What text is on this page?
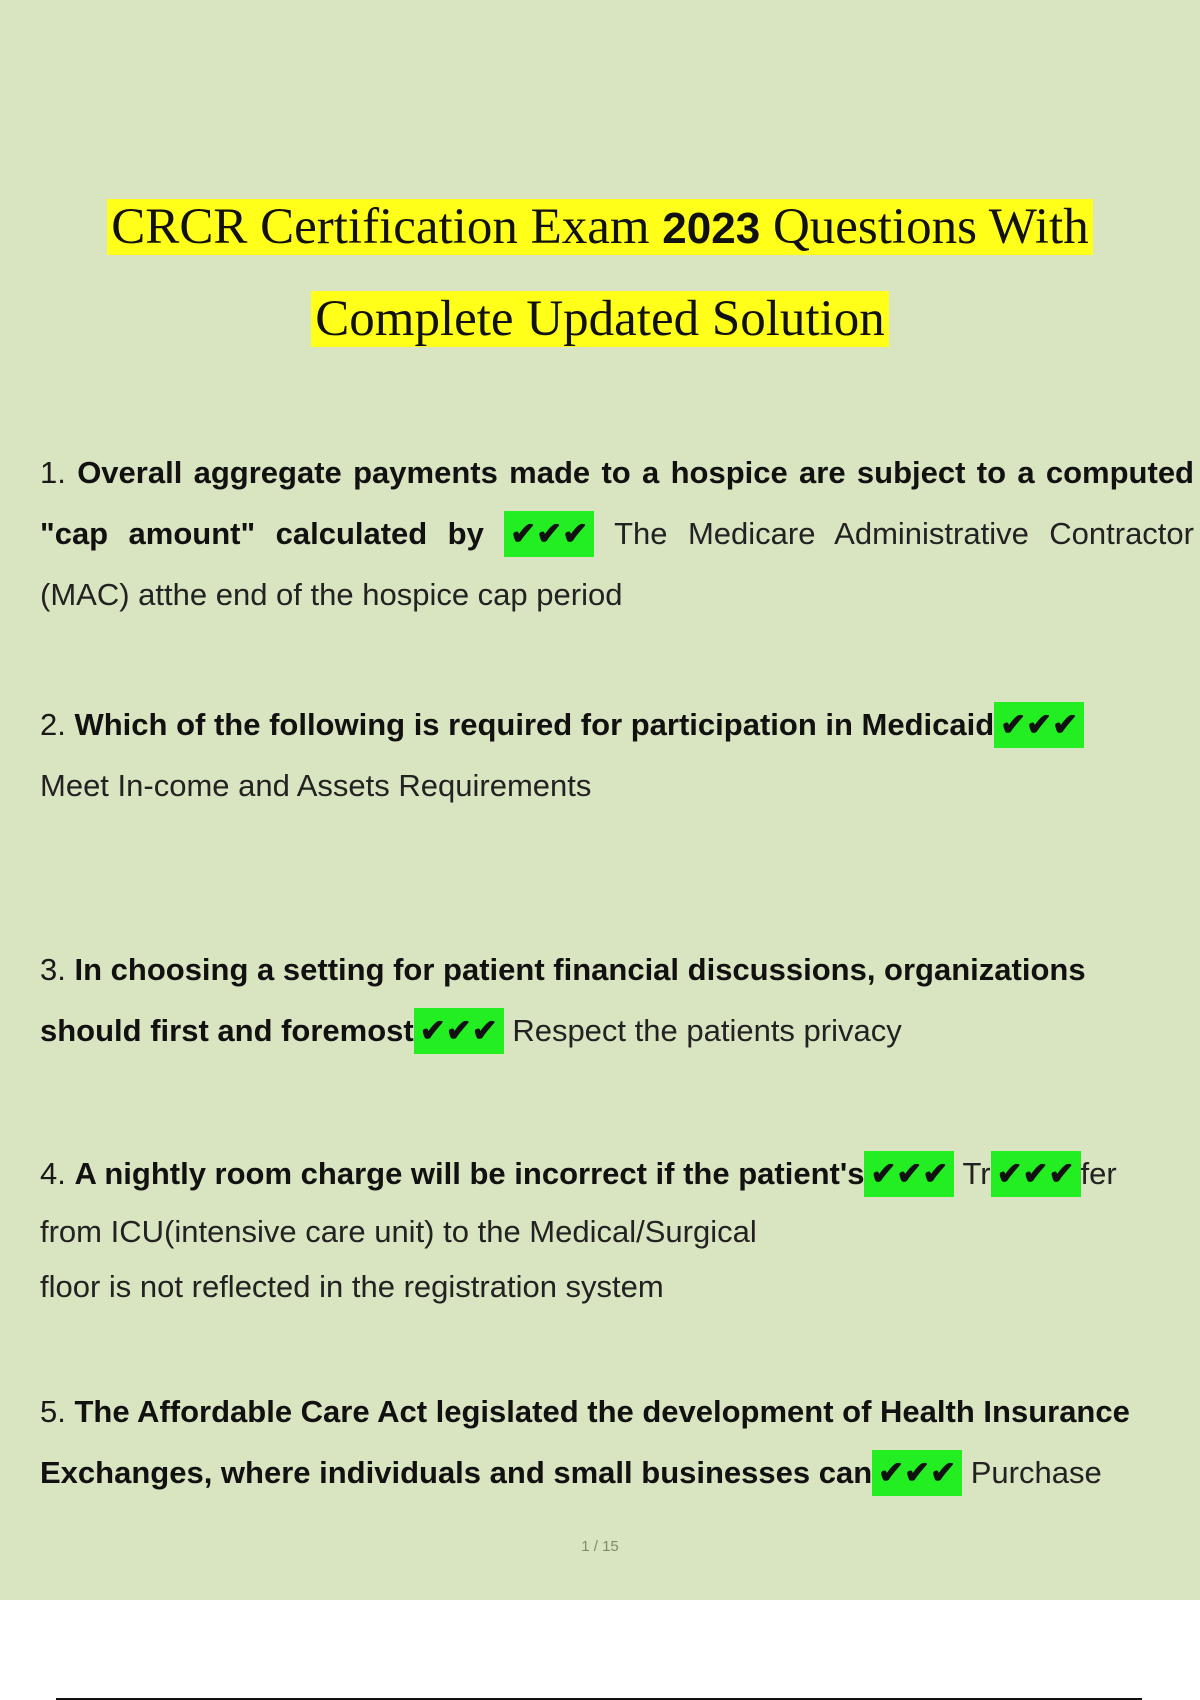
CRCR Certification Exam 2023 Questions With
Complete Updated Solution
1. Overall aggregate payments made to a hospice are subject to a computed "cap amount" calculated by ✔✔✔ The Medicare Administrative Contractor (MAC) atthe end of the hospice cap period
2. Which of the following is required for participation in Medicaid ✔✔✔
Meet In-come and Assets Requirements
3. In choosing a setting for patient financial discussions, organizations should first and foremost ✔✔✔ Respect the patients privacy
4. A nightly room charge will be incorrect if the patient's ✔✔✔ Tr ✔✔✔ fer
from ICU(intensive care unit) to the Medical/Surgical
floor is not reflected in the registration system
5. The Affordable Care Act legislated the development of Health Insurance Exchanges, where individuals and small businesses can ✔✔✔ Purchase
1 / 15
